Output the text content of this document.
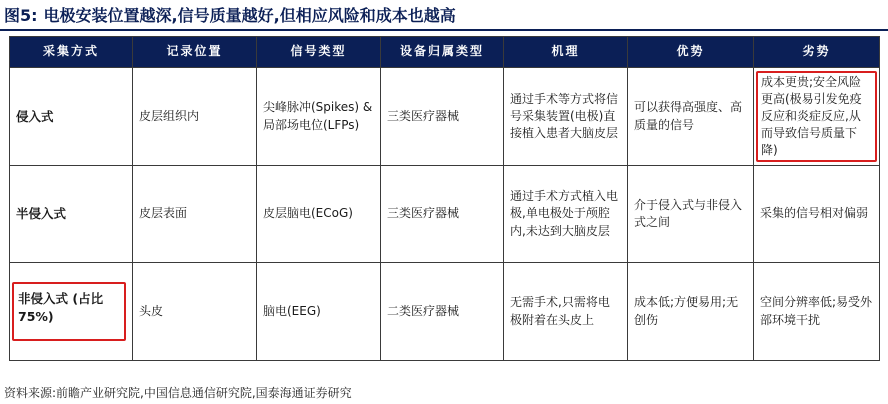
图5: 电极安装位置越深,信号质量越好,但相应风险和成本也越高
采集方式	记录位置	信号类型	设备归属类型	机理	优势	劣势
侵入式	皮层组织内	尖峰脉冲(Spikes) & 局部场电位(LFPs)	三类医疗器械	通过手术等方式将信号采集装置(电极)直接植入患者大脑皮层	可以获得高强度、高质量的信号	成本更贵;安全风险更高(极易引发免疫反应和炎症反应,从而导致信号质量下降)

半侵入式	皮层表面	皮层脑电(ECoG)	三类医疗器械	通过手术方式植入电极,单电极处于颅腔内,未达到大脑皮层	介于侵入式与非侵入式之间	采集的信号相对偏弱
非侵入式 (占比75%)	头皮	脑电(EEG)	二类医疗器械	无需手术,只需将电极附着在头皮上	成本低;方便易用;无创伤	空间分辨率低;易受外部环境干扰
资料来源:前瞻产业研究院,中国信息通信研究院,国泰海通证券研究
